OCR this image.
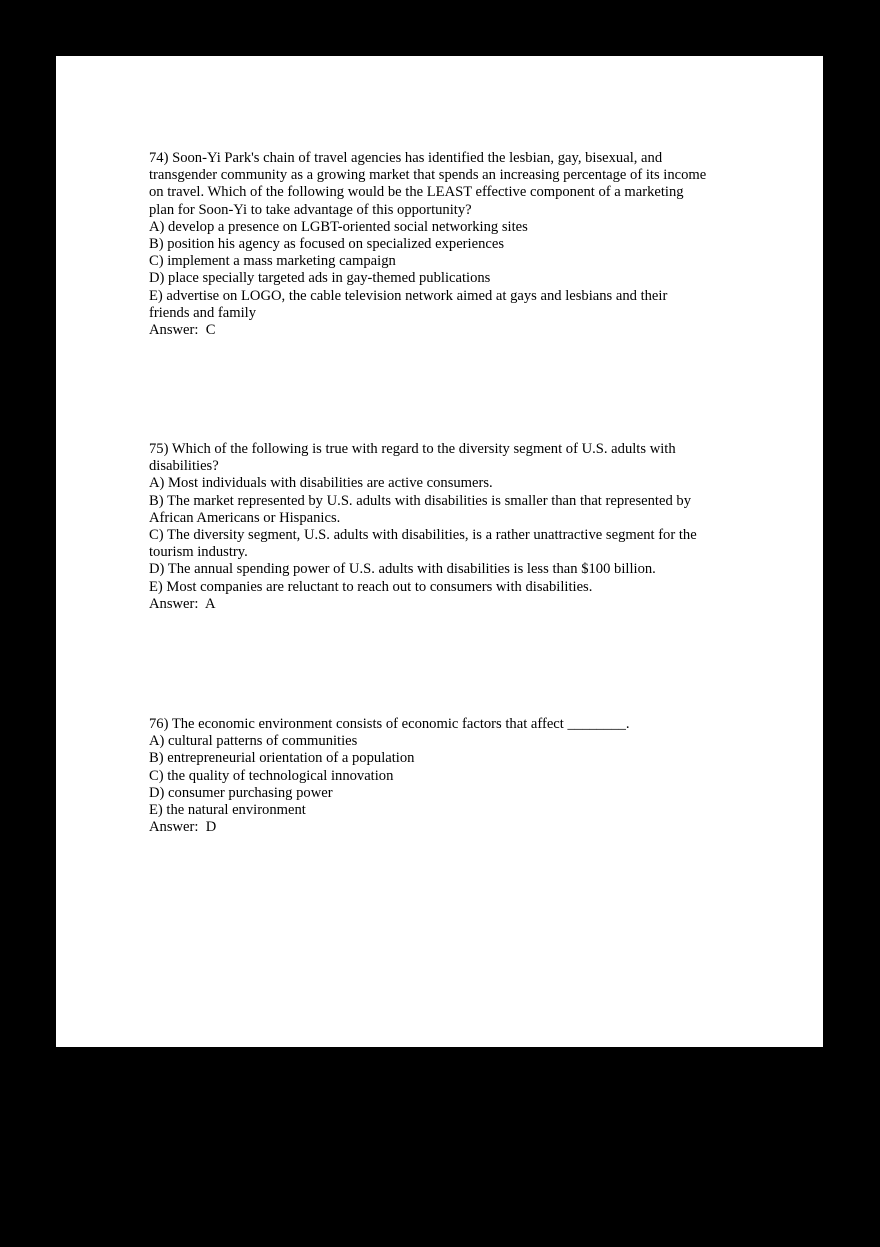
74) Soon-Yi Park's chain of travel agencies has identified the lesbian, gay, bisexual, and
transgender community as a growing market that spends an increasing percentage of its income
on travel. Which of the following would be the LEAST effective component of a marketing
plan for Soon-Yi to take advantage of this opportunity?
A) develop a presence on LGBT-oriented social networking sites
B) position his agency as focused on specialized experiences
C) implement a mass marketing campaign
D) place specially targeted ads in gay-themed publications
E) advertise on LOGO, the cable television network aimed at gays and lesbians and their
friends and family
Answer:  C
75) Which of the following is true with regard to the diversity segment of U.S. adults with
disabilities?
A) Most individuals with disabilities are active consumers.
B) The market represented by U.S. adults with disabilities is smaller than that represented by
African Americans or Hispanics.
C) The diversity segment, U.S. adults with disabilities, is a rather unattractive segment for the
tourism industry.
D) The annual spending power of U.S. adults with disabilities is less than $100 billion.
E) Most companies are reluctant to reach out to consumers with disabilities.
Answer:  A
76) The economic environment consists of economic factors that affect ________.
A) cultural patterns of communities
B) entrepreneurial orientation of a population
C) the quality of technological innovation
D) consumer purchasing power
E) the natural environment
Answer:  D
